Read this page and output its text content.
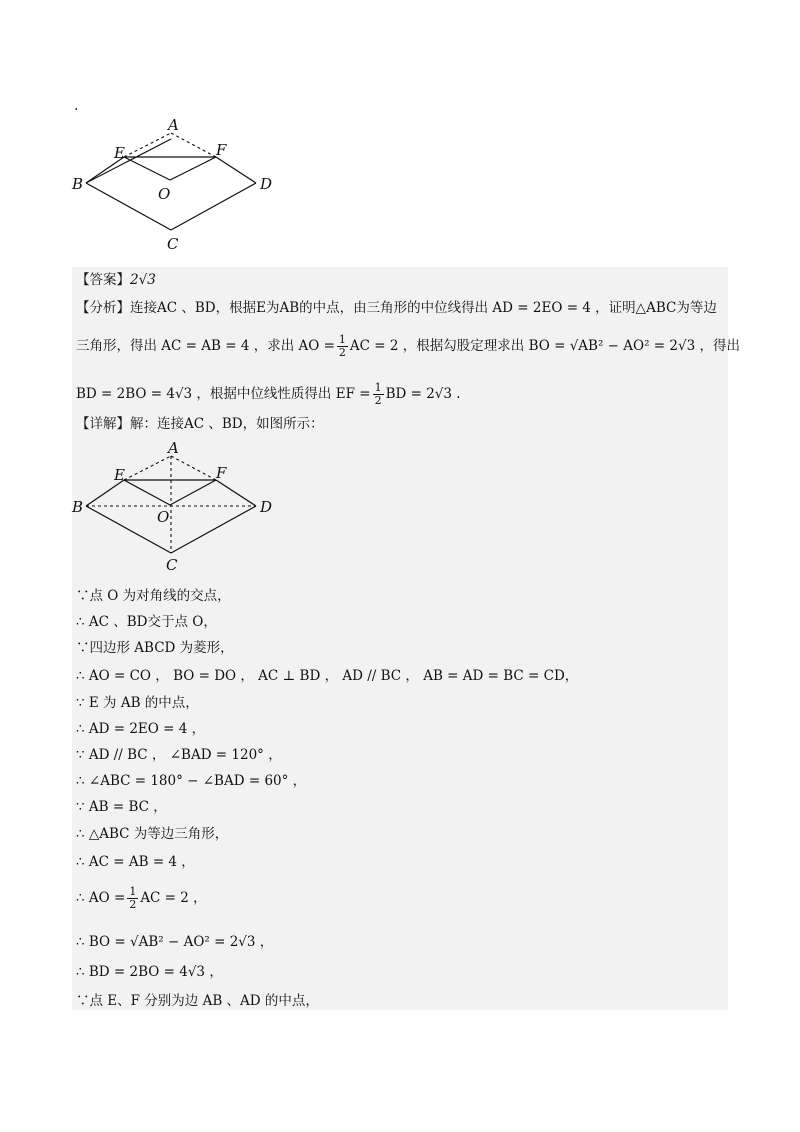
.
A
B
C
D
E	F
O
【答案】2√3
【分析】连接AC 、BD，根据E为AB的中点，由三角形的中位线得出 AD = 2EO = 4 ，证明△ABC为等边
三角形，得出 AC = AB = 4 ，求出 AO = $\frac{1}{2}$ AC = 2 ，根据勾股定理求出 BO = √AB² − AO² = 2√3 ，得出
BD = 2BO = 4√3 ，根据中位线性质得出 EF = $\frac{1}{2}$ BD = 2√3 .
【详解】解：连接AC 、BD，如图所示：
A
B
C
D
E	F
O
∵点 O 为对角线的交点，
∴ AC 、BD交于点 O，
∵四边形 ABCD 为菱形，
∴ AO = CO ， BO = DO ， AC ⊥ BD ， AD // BC ， AB = AD = BC = CD，
∵ E 为 AB 的中点，
∴ AD = 2EO = 4 ，
∵ AD // BC ， ∠BAD = 120° ，
∴ ∠ABC = 180° − ∠BAD = 60° ，
∵ AB = BC ，
∴ △ABC 为等边三角形，
∴ AC = AB = 4 ，
∴ AO = $\frac{1}{2}$ AC = 2 ，
∴ BO = √AB² − AO² = 2√3 ，
∴ BD = 2BO = 4√3 ，
∵点 E、F 分别为边 AB 、AD 的中点，
